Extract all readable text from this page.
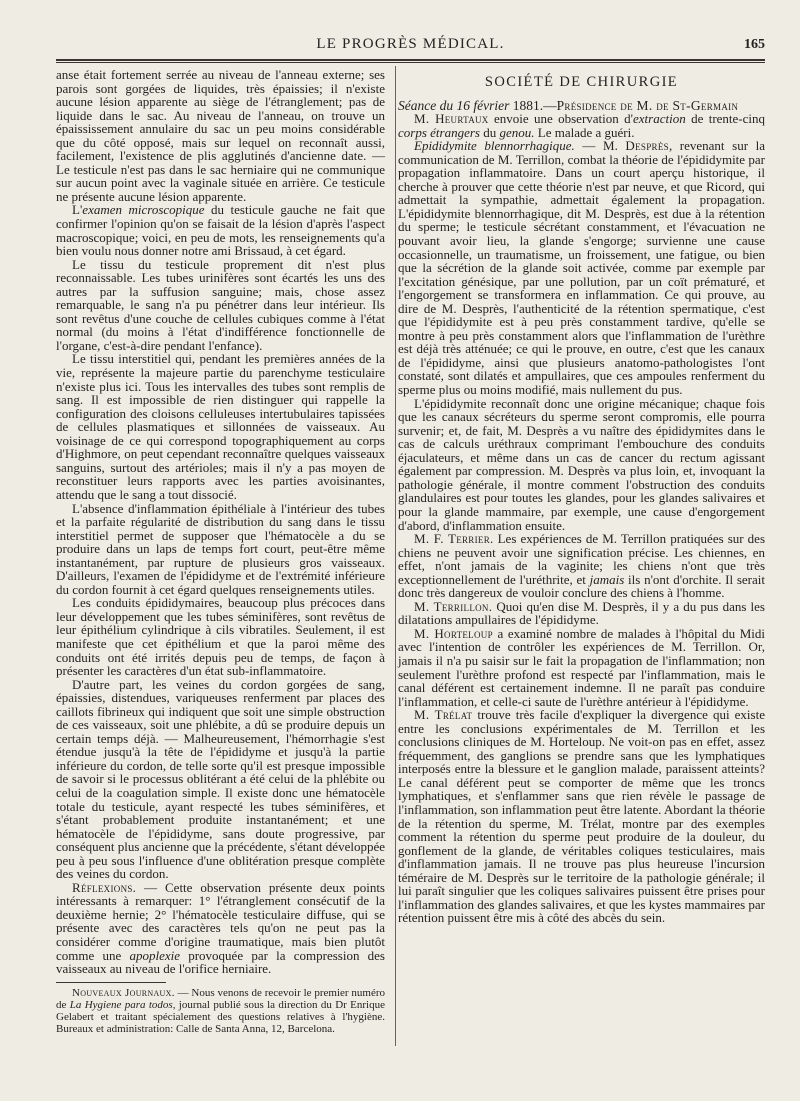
LE PROGRÈS MÉDICAL.	165

anse était fortement serrée au niveau de l'anneau externe; ses parois sont gorgées de liquides, très épaissies; il n'existe aucune lésion apparente au siège de l'étranglement; pas de liquide dans le sac. Au niveau de l'anneau, on trouve un épaississement annulaire du sac un peu moins considérable que du côté opposé, mais sur lequel on reconnaît aussi, facilement, l'existence de plis agglutinés d'ancienne date. — Le testicule n'est pas dans le sac herniaire qui ne communique sur aucun point avec la vaginale située en arrière. Ce testicule ne présente aucune lésion apparente.

L'examen microscopique du testicule gauche ne fait que confirmer l'opinion qu'on se faisait de la lésion d'après l'aspect macroscopique; voici, en peu de mots, les renseignements qu'a bien voulu nous donner notre ami Brissaud, à cet égard.

Le tissu du testicule proprement dit n'est plus reconnaissable. Les tubes urinifères sont écartés les uns des autres par la suffusion sanguine; mais, chose assez remarquable, le sang n'a pu pénétrer dans leur intérieur. Ils sont revêtus d'une couche de cellules cubiques comme à l'état normal (du moins à l'état d'indifférence fonctionnelle de l'organe, c'est-à-dire pendant l'enfance).

Le tissu interstitiel qui, pendant les premières années de la vie, représente la majeure partie du parenchyme testiculaire n'existe plus ici. Tous les intervalles des tubes sont remplis de sang. Il est impossible de rien distinguer qui rappelle la configuration des cloisons celluleuses intertubulaires tapissées de cellules plasmatiques et sillonnées de vaisseaux. Au voisinage de ce qui correspond topographiquement au corps d'Highmore, on peut cependant reconnaître quelques vaisseaux sanguins, surtout des artérioles; mais il n'y a pas moyen de reconstituer leurs rapports avec les parties avoisinantes, attendu que le sang a tout dissocié.

L'absence d'inflammation épithéliale à l'intérieur des tubes et la parfaite régularité de distribution du sang dans le tissu interstitiel permet de supposer que l'hématocèle a du se produire dans un laps de temps fort court, peut-être même instantanément, par rupture de plusieurs gros vaisseaux. D'ailleurs, l'examen de l'épididyme et de l'extrémité inférieure du cordon fournit à cet égard quelques renseignements utiles.

Les conduits épididymaires, beaucoup plus précoces dans leur développement que les tubes séminifères, sont revêtus de leur épithélium cylindrique à cils vibratiles. Seulement, il est manifeste que cet épithélium et que la paroi même des conduits ont été irrités depuis peu de temps, de façon à présenter les caractères d'un état sub-inflammatoire.

D'autre part, les veines du cordon gorgées de sang, épaissies, distendues, variqueuses renferment par places des caillots fibrineux qui indiquent que soit une simple obstruction de ces vaisseaux, soit une phlébite, a dû se produire depuis un certain temps déjà. — Malheureusement, l'hémorrhagie s'est étendue jusqu'à la tête de l'épididyme et jusqu'à la partie inférieure du cordon, de telle sorte qu'il est presque impossible de savoir si le processus oblitérant a été celui de la phlébite ou celui de la coagulation simple. Il existe donc une hématocèle totale du testicule, ayant respecté les tubes séminifères, et s'étant probablement produite instantanément; et une hématocèle de l'épididyme, sans doute progressive, par conséquent plus ancienne que la précédente, s'étant développée peu à peu sous l'influence d'une oblitération presque complète des veines du cordon.

Réflexions. — Cette observation présente deux points intéressants à remarquer: 1° l'étranglement consécutif de la deuxième hernie; 2° l'hématocèle testiculaire diffuse, qui se présente avec des caractères tels qu'on ne peut pas la considérer comme d'origine traumatique, mais bien plutôt comme une apoplexie provoquée par la compression des vaisseaux au niveau de l'orifice herniaire.

Nouveaux Journaux. — Nous venons de recevoir le premier numéro de La Hygiene para todos, journal publié sous la direction du Dr Enrique Gelabert et traitant spécialement des questions relatives à l'hygiène. Bureaux et administration: Calle de Santa Anna, 12, Barcelona.

SOCIÉTÉ DE CHIRURGIE

Séance du 16 février 1881.—Présidence de M. de St-Germain

M. Heurtaux envoie une observation d'extraction de trente-cinq corps étrangers du genou. Le malade a guéri.

Epididymite blennorrhagique. — M. Desprès, revenant sur la communication de M. Terrillon, combat la théorie de l'épididymite par propagation inflammatoire. Dans un court aperçu historique, il cherche à prouver que cette théorie n'est par neuve, et que Ricord, qui admettait la sympathie, admettait également la propagation. L'épididymite blennorrhagique, dit M. Desprès, est due à la rétention du sperme; le testicule sécrétant constamment, et l'évacuation ne pouvant avoir lieu, la glande s'engorge; survienne une cause occasionnelle, un traumatisme, un froissement, une fatigue, ou bien que la sécrétion de la glande soit activée, comme par exemple par l'excitation génésique, par une pollution, par un coït prématuré, et l'engorgement se transformera en inflammation. Ce qui prouve, au dire de M. Desprès, l'authenticité de la rétention spermatique, c'est que l'épididymite est à peu près constamment tardive, qu'elle se montre à peu près constamment alors que l'inflammation de l'urèthre est déjà très atténuée; ce qui le prouve, en outre, c'est que les canaux de l'épididyme, ainsi que plusieurs anatomo-pathologistes l'ont constaté, sont dilatés et ampullaires, que ces ampoules renferment du sperme plus ou moins modifié, mais nullement du pus.

L'épididymite reconnaît donc une origine mécanique; chaque fois que les canaux sécréteurs du sperme seront compromis, elle pourra survenir; et, de fait, M. Desprès a vu naître des épididymites dans le cas de calculs uréthraux comprimant l'embouchure des conduits éjaculateurs, et même dans un cas de cancer du rectum agissant également par compression. M. Desprès va plus loin, et, invoquant la pathologie générale, il montre comment l'obstruction des conduits glandulaires est pour toutes les glandes, pour les glandes salivaires et pour la glande mammaire, par exemple, une cause d'engorgement d'abord, d'inflammation ensuite.

M. F. Terrier. Les expériences de M. Terrillon pratiquées sur des chiens ne peuvent avoir une signification précise. Les chiennes, en effet, n'ont jamais de la vaginite; les chiens n'ont que très exceptionnellement de l'uréthrite, et jamais ils n'ont d'orchite. Il serait donc très dangereux de vouloir conclure des chiens à l'homme.

M. Terrillon. Quoi qu'en dise M. Desprès, il y a du pus dans les dilatations ampullaires de l'épididyme.

M. Horteloup a examiné nombre de malades à l'hôpital du Midi avec l'intention de contrôler les expériences de M. Terrillon. Or, jamais il n'a pu saisir sur le fait la propagation de l'inflammation; non seulement l'urèthre profond est respecté par l'inflammation, mais le canal déférent est certainement indemne. Il ne paraît pas conduire l'inflammation, et celle-ci saute de l'urèthre antérieur à l'épididyme.

M. Trélat trouve très facile d'expliquer la divergence qui existe entre les conclusions expérimentales de M. Terrillon et les conclusions cliniques de M. Horteloup. Ne voit-on pas en effet, assez fréquemment, des ganglions se prendre sans que les lymphatiques interposés entre la blessure et le ganglion malade, paraissent atteints? Le canal déférent peut se comporter de même que les troncs lymphatiques, et s'enflammer sans que rien révèle le passage de l'inflammation, son inflammation peut être latente. Abordant la théorie de la rétention du sperme, M. Trélat, montre par des exemples comment la rétention du sperme peut produire de la douleur, du gonflement de la glande, de véritables coliques testiculaires, mais d'inflammation jamais. Il ne trouve pas plus heureuse l'incursion téméraire de M. Desprès sur le territoire de la pathologie générale; il lui paraît singulier que les coliques salivaires puissent être prises pour l'inflammation des glandes salivaires, et que les kystes mammaires par rétention puissent être mis à côté des abcès du sein.
